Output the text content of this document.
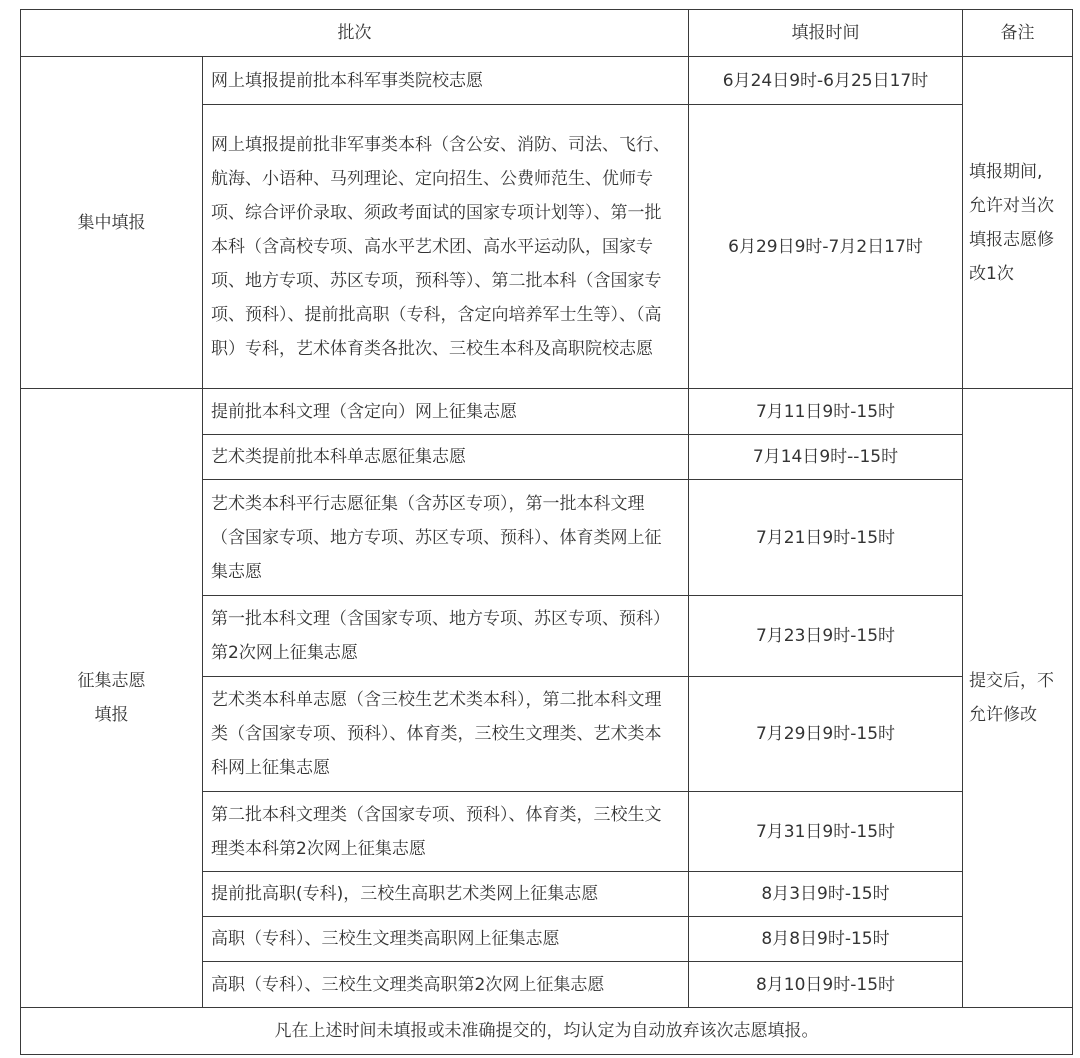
批次		填报时间	备注
集中填报	网上填报提前批本科军事类院校志愿	6月24日9时-6月25日17时	填报期间,
允许对当次
填报志愿修
改1次
	网上填报提前批非军事类本科（含公安、消防、司法、飞行、航海、小语种、马列理论、定向招生、公费师范生、优师专项、综合评价录取、须政考面试的国家专项计划等）、第一批本科（含高校专项、高水平艺术团、高水平运动队，国家专项、地方专项、苏区专项，预科等）、第二批本科（含国家专项、预科）、提前批高职（专科，含定向培养军士生等）、（高职）专科，艺术体育类各批次、三校生本科及高职院校志愿	6月29日9时-7月2日17时	
征集志愿
填报	提前批本科文理（含定向）网上征集志愿	7月11日9时-15时	提交后，不
允许修改
	艺术类提前批本科单志愿征集志愿	7月14日9时--15时	
	艺术类本科平行志愿征集（含苏区专项），第一批本科文理（含国家专项、地方专项、苏区专项、预科）、体育类网上征集志愿	7月21日9时-15时	
	第一批本科文理（含国家专项、地方专项、苏区专项、预科）第2次网上征集志愿	7月23日9时-15时	
	艺术类本科单志愿（含三校生艺术类本科），第二批本科文理类（含国家专项、预科）、体育类，三校生文理类、艺术类本科网上征集志愿	7月29日9时-15时	
	第二批本科文理类（含国家专项、预科）、体育类，三校生文理类本科第2次网上征集志愿	7月31日9时-15时	
	提前批高职(专科)，三校生高职艺术类网上征集志愿	8月3日9时-15时	
	高职（专科）、三校生文理类高职网上征集志愿	8月8日9时-15时	
	高职（专科）、三校生文理类高职第2次网上征集志愿	8月10日9时-15时	
凡在上述时间未填报或未准确提交的，均认定为自动放弃该次志愿填报。			
